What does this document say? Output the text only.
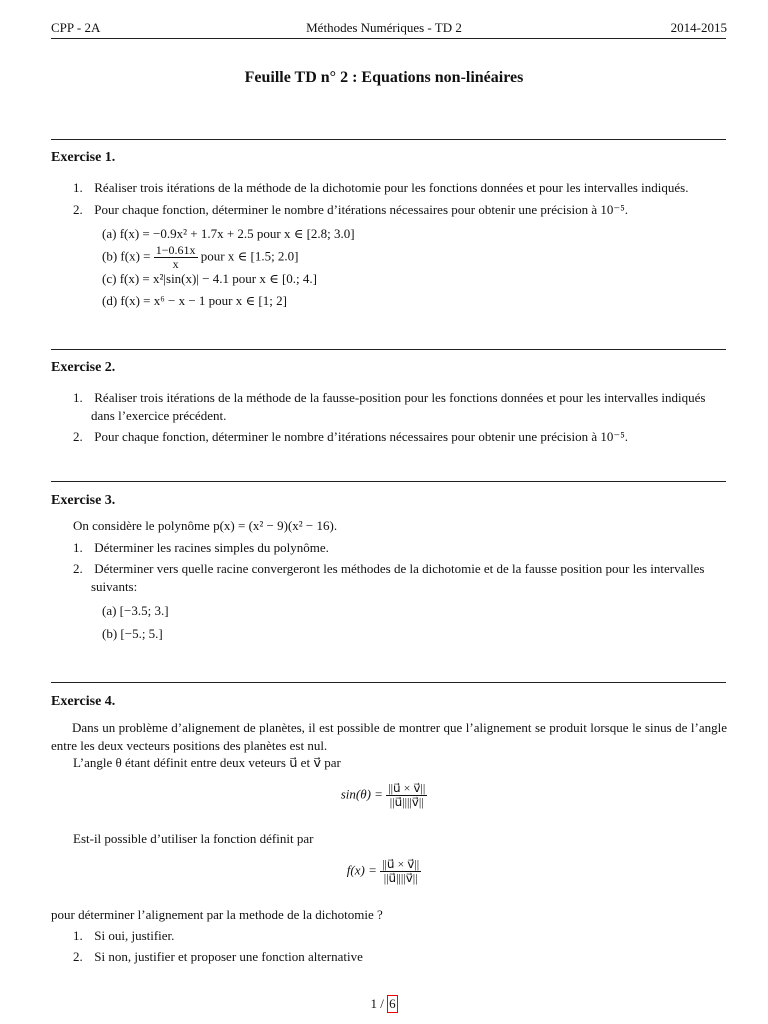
CPP - 2A	Méthodes Numériques - TD 2	2014-2015
Feuille TD n° 2 : Equations non-linéaires
Exercise 1.
1. Réaliser trois itérations de la méthode de la dichotomie pour les fonctions données et pour les intervalles indiqués.
2. Pour chaque fonction, déterminer le nombre d’itérations nécessaires pour obtenir une précision à 10⁻⁵.
(a) f(x) = −0.9x² + 1.7x + 2.5 pour x ∈ [2.8; 3.0]
(b) $f(x) = \frac{1-0.61x}{x}$ pour x ∈ [1.5; 2.0]
(c) f(x) = x²|sin(x)| − 4.1 pour x ∈ [0.; 4.]
(d) f(x) = x⁶ − x − 1 pour x ∈ [1; 2]
Exercise 2.
1. Réaliser trois itérations de la méthode de la fausse-position pour les fonctions données et pour les intervalles indiqués
dans l’exercice précédent.
2. Pour chaque fonction, déterminer le nombre d’itérations nécessaires pour obtenir une précision à 10⁻⁵.
Exercise 3.
On considère le polynôme p(x) = (x² − 9)(x² − 16).
1. Déterminer les racines simples du polynôme.
2. Déterminer vers quelle racine convergeront les méthodes de la dichotomie et de la fausse position pour les intervalles
suivants:
(a) [−3.5; 3.]
(b) [−5.; 5.]
Exercise 4.
Dans un problème d’alignement de planètes, il est possible de montrer que l’alignement se produit lorsque le sinus de l’angle entre les deux vecteurs positions des planètes est nul.
L’angle θ étant définit entre deux veteurs u⃗ et v⃗ par
$\sin(\theta) = \frac{||u⃗ \times v⃗||}{||u⃗||||v⃗||}$
Est-il possible d’utiliser la fonction définit par
$f(x) = \frac{||u⃗ \times v⃗||}{||u⃗||||v⃗||}$
pour déterminer l’alignement par la methode de la dichotomie ?
1. Si oui, justifier.
2. Si non, justifier et proposer une fonction alternative
1 / 6
